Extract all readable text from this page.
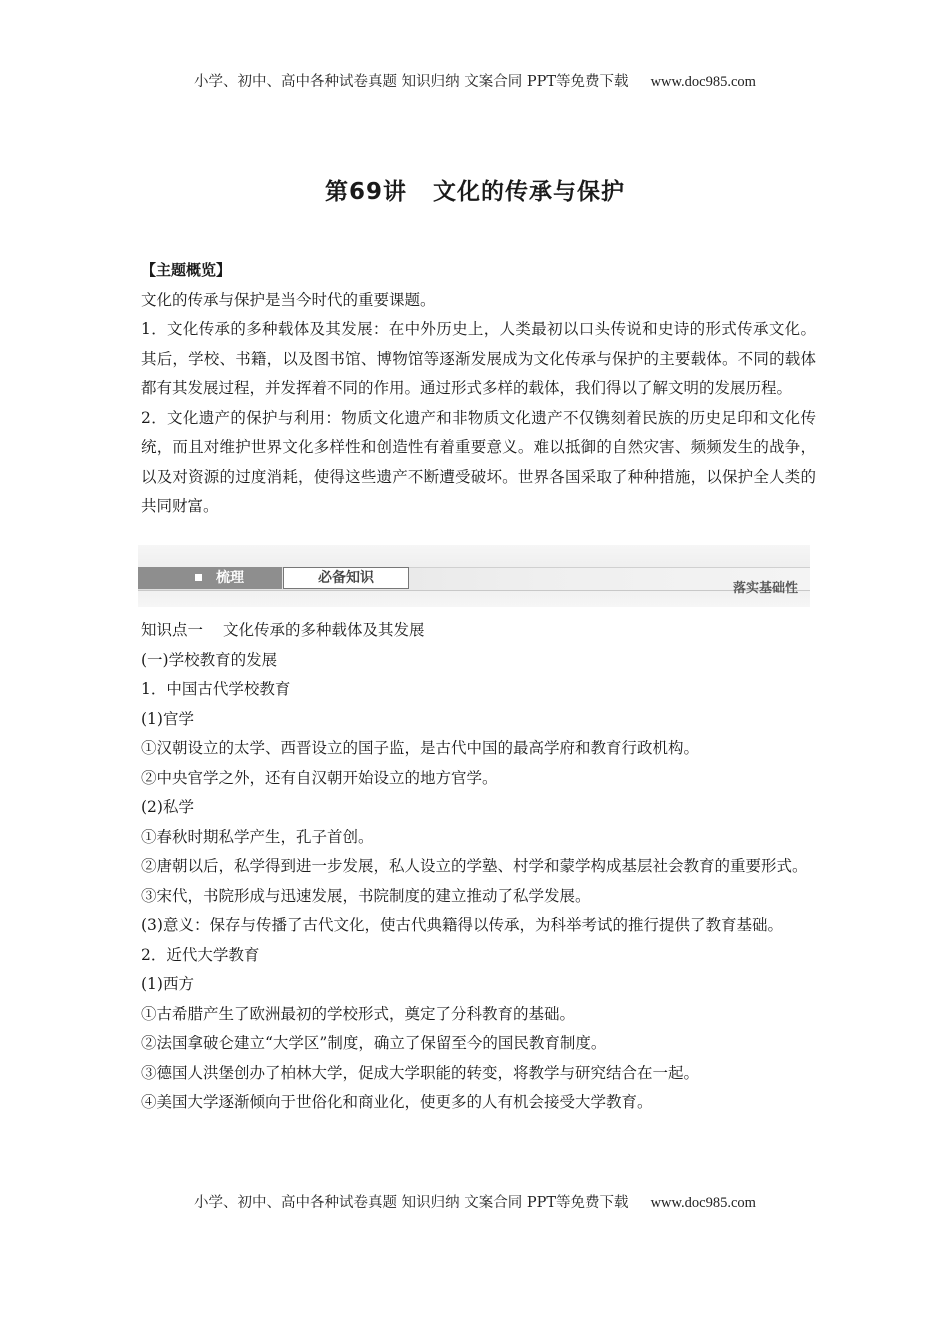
小学、初中、高中各种试卷真题 知识归纳 文案合同 PPT等免费下载 www.doc985.com
第69讲 文化的传承与保护
【主题概览】

文化的传承与保护是当今时代的重要课题。

1．文化传承的多种载体及其发展：在中外历史上，人类最初以口头传说和史诗的形式传承文化。其后，学校、书籍，以及图书馆、博物馆等逐渐发展成为文化传承与保护的主要载体。不同的载体都有其发展过程，并发挥着不同的作用。通过形式多样的载体，我们得以了解文明的发展历程。

2．文化遗产的保护与利用：物质文化遗产和非物质文化遗产不仅镌刻着民族的历史足印和文化传统，而且对维护世界文化多样性和创造性有着重要意义。难以抵御的自然灾害、频频发生的战争，以及对资源的过度消耗，使得这些遗产不断遭受破坏。世界各国采取了种种措施，以保护全人类的共同财富。

梳理	必备知识
落实基础性

知识点一 文化传承的多种载体及其发展

(一)学校教育的发展

1．中国古代学校教育

(1)官学

①汉朝设立的太学、西晋设立的国子监，是古代中国的最高学府和教育行政机构。

②中央官学之外，还有自汉朝开始设立的地方官学。

(2)私学

①春秋时期私学产生，孔子首创。

②唐朝以后，私学得到进一步发展，私人设立的学塾、村学和蒙学构成基层社会教育的重要形式。

③宋代，书院形成与迅速发展，书院制度的建立推动了私学发展。

(3)意义：保存与传播了古代文化，使古代典籍得以传承，为科举考试的推行提供了教育基础。

2．近代大学教育

(1)西方

①古希腊产生了欧洲最初的学校形式，奠定了分科教育的基础。

②法国拿破仑建立“大学区”制度，确立了保留至今的国民教育制度。

③德国人洪堡创办了柏林大学，促成大学职能的转变，将教学与研究结合在一起。

④美国大学逐渐倾向于世俗化和商业化，使更多的人有机会接受大学教育。

小学、初中、高中各种试卷真题 知识归纳 文案合同 PPT等免费下载 www.doc985.com
